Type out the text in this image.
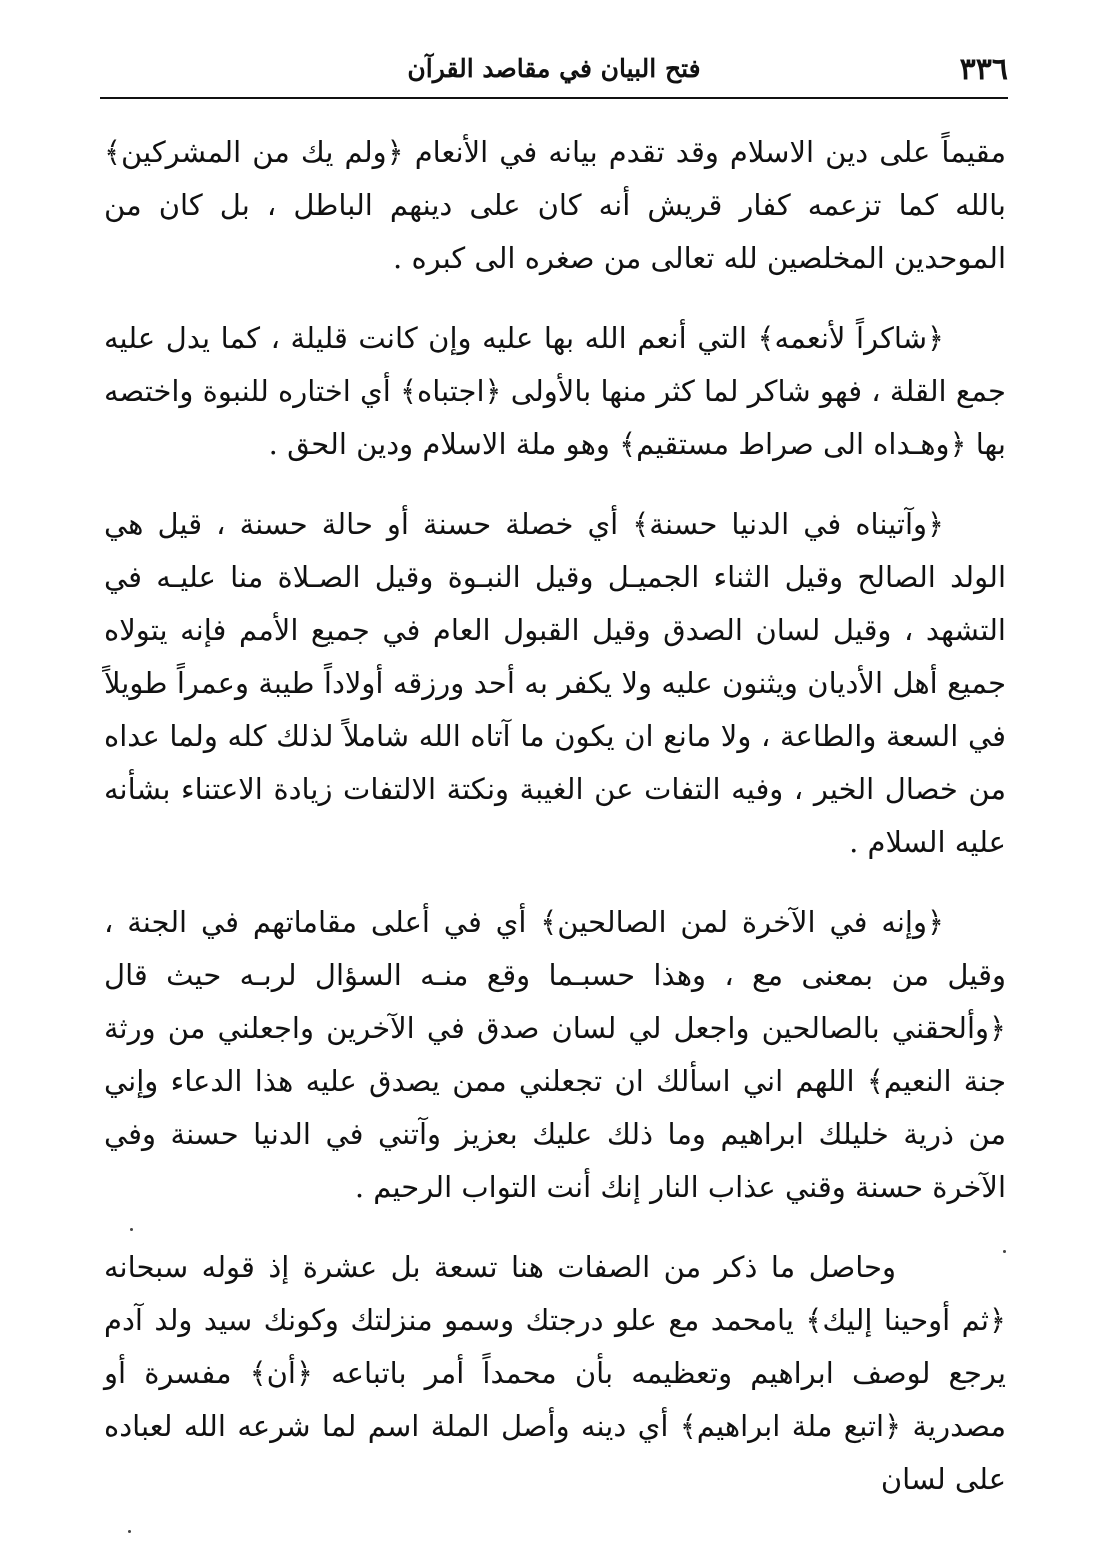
٣٣٦
فتح البيان في مقاصد القرآن

مقيماً على دين الاسلام وقد تقدم بيانه في الأنعام ﴿ولم يك من المشركين﴾ بالله كما تزعمه كفار قريش أنه كان على دينهم الباطل ، بل كان من الموحدين المخلصين لله تعالى من صغره الى كبره .

﴿شاكراً لأنعمه﴾ التي أنعم الله بها عليه وإن كانت قليلة ، كما يدل عليه جمع القلة ، فهو شاكر لما كثر منها بالأولى ﴿اجتباه﴾ أي اختاره للنبوة واختصه بها ﴿وهـداه الى صراط مستقيم﴾ وهو ملة الاسلام ودين الحق .

﴿وآتيناه في الدنيا حسنة﴾ أي خصلة حسنة أو حالة حسنة ، قيل هي الولد الصالح وقيل الثناء الجميـل وقيل النبـوة وقيل الصـلاة منا عليـه في التشهد ، وقيل لسان الصدق وقيل القبول العام في جميع الأمم فإنه يتولاه جميع أهل الأديان ويثنون عليه ولا يكفر به أحد ورزقه أولاداً طيبة وعمراً طويلاً في السعة والطاعة ، ولا مانع ان يكون ما آتاه الله شاملاً لذلك كله ولما عداه من خصال الخير ، وفيه التفات عن الغيبة ونكتة الالتفات زيادة الاعتناء بشأنه عليه السلام .

﴿وإنه في الآخرة لمن الصالحين﴾ أي في أعلى مقاماتهم في الجنة ، وقيل من بمعنى مع ، وهذا حسبـما وقع منـه السؤال لربـه حيث قال ﴿وألحقني بالصالحين واجعل لي لسان صدق في الآخرين واجعلني من ورثة جنة النعيم﴾ اللهم اني اسألك ان تجعلني ممن يصدق عليه هذا الدعاء وإني من ذرية خليلك ابراهيم وما ذلك عليك بعزيز وآتني في الدنيا حسنة وفي الآخرة حسنة وقني عذاب النار إنك أنت التواب الرحيم .

وحاصل ما ذكر من الصفات هنا تسعة بل عشرة إذ قوله سبحانه ﴿ثم أوحينا إليك﴾ يامحمد مع علو درجتك وسمو منزلتك وكونك سيد ولد آدم يرجع لوصف ابراهيم وتعظيمه بأن محمداً أمر باتباعه ﴿أن﴾ مفسرة أو مصدرية ﴿اتبع ملة ابراهيم﴾ أي دينه وأصل الملة اسم لما شرعه الله لعباده على لسان
